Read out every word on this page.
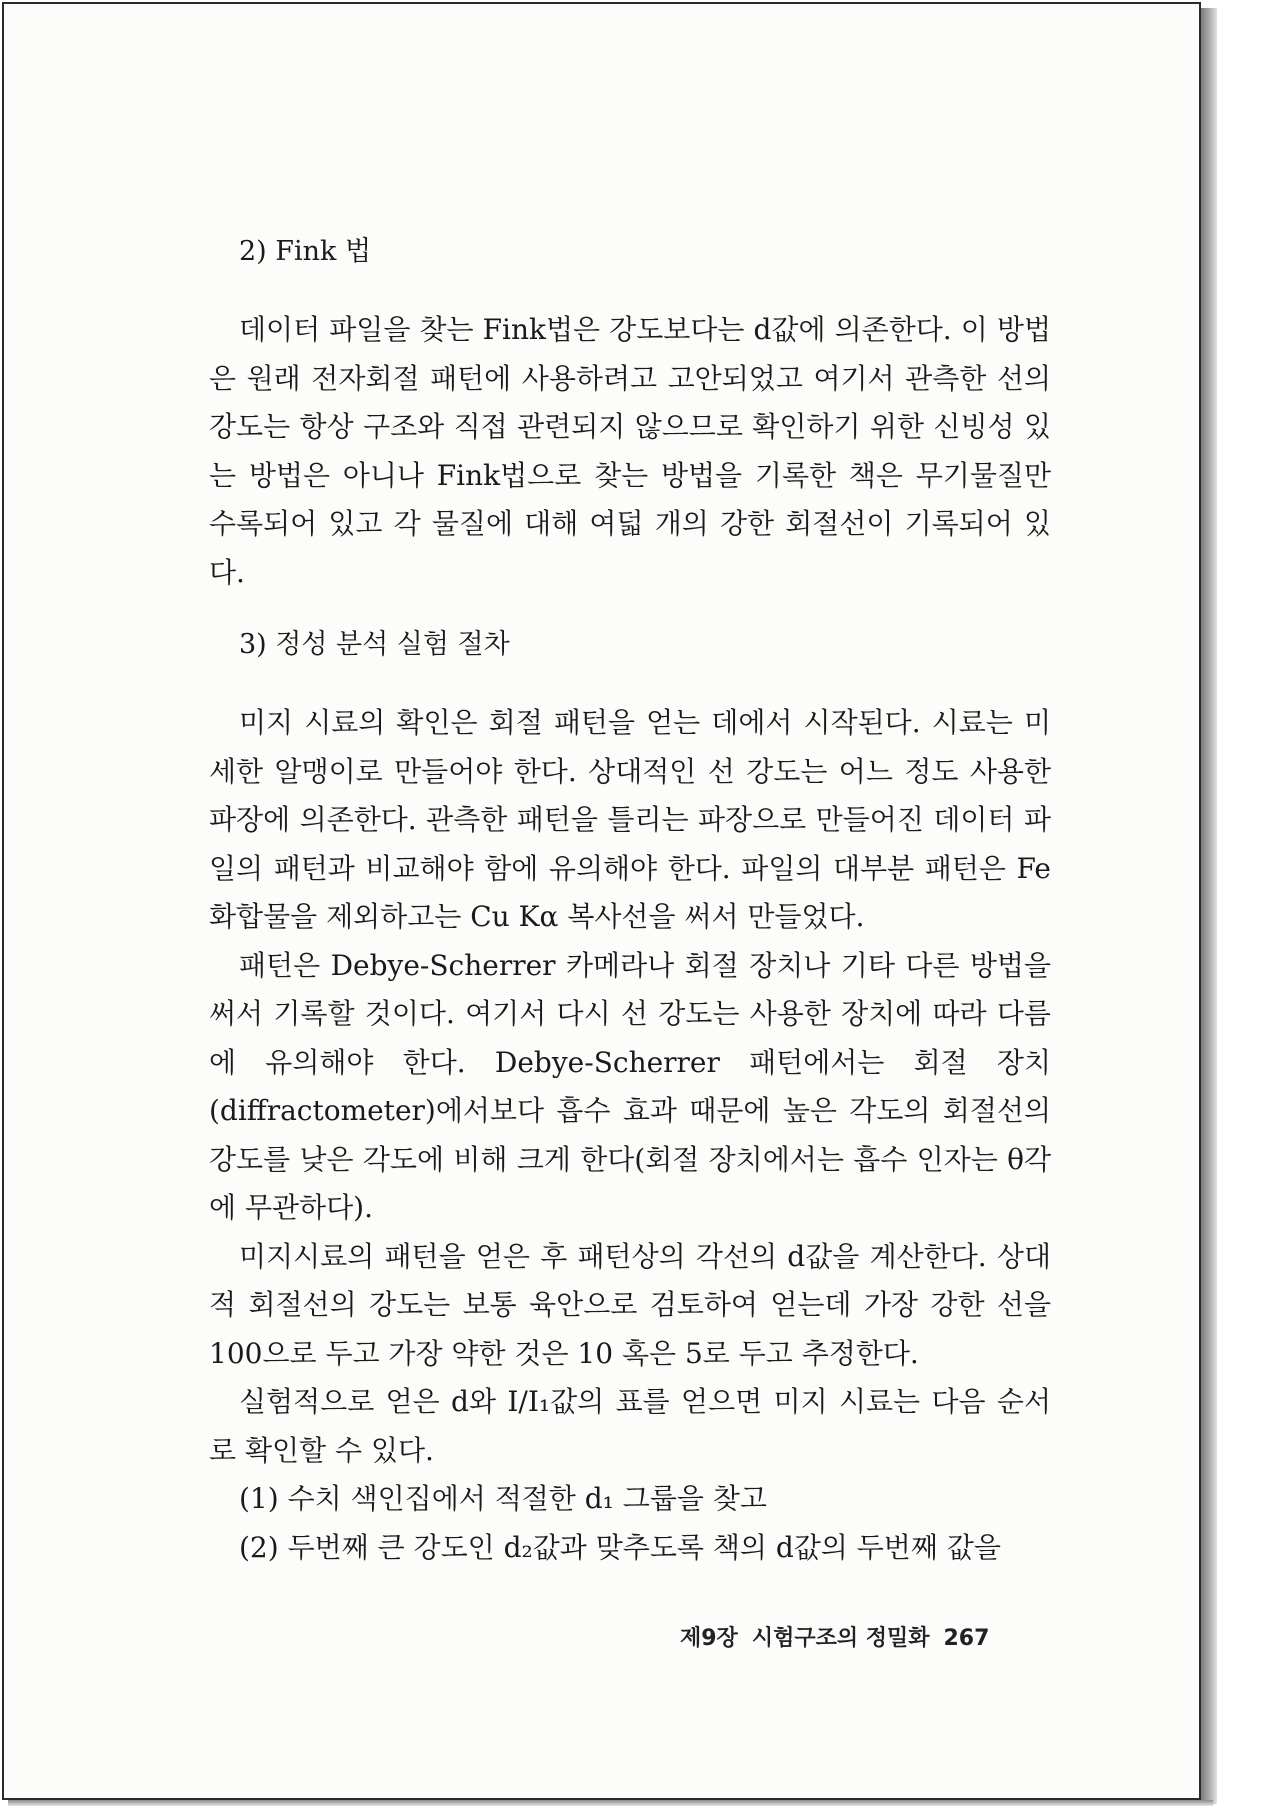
2) Fink 법

데이터 파일을 찾는 Fink법은 강도보다는 d값에 의존한다. 이 방법은 원래 전자회절 패턴에 사용하려고 고안되었고 여기서 관측한 선의 강도는 항상 구조와 직접 관련되지 않으므로 확인하기 위한 신빙성 있는 방법은 아니나 Fink법으로 찾는 방법을 기록한 책은 무기물질만 수록되어 있고 각 물질에 대해 여덟 개의 강한 회절선이 기록되어 있다.

3) 정성 분석 실험 절차

미지 시료의 확인은 회절 패턴을 얻는 데에서 시작된다. 시료는 미세한 알맹이로 만들어야 한다. 상대적인 선 강도는 어느 정도 사용한 파장에 의존한다. 관측한 패턴을 틀리는 파장으로 만들어진 데이터 파일의 패턴과 비교해야 함에 유의해야 한다. 파일의 대부분 패턴은 Fe화합물을 제외하고는 Cu Kα 복사선을 써서 만들었다.

패턴은 Debye-Scherrer 카메라나 회절 장치나 기타 다른 방법을 써서 기록할 것이다. 여기서 다시 선 강도는 사용한 장치에 따라 다름에 유의해야 한다. Debye-Scherrer 패턴에서는 회절 장치(diffractometer)에서보다 흡수 효과 때문에 높은 각도의 회절선의 강도를 낮은 각도에 비해 크게 한다(회절 장치에서는 흡수 인자는 θ각에 무관하다).

미지시료의 패턴을 얻은 후 패턴상의 각선의 d값을 계산한다. 상대적 회절선의 강도는 보통 육안으로 검토하여 얻는데 가장 강한 선을 100으로 두고 가장 약한 것은 10 혹은 5로 두고 추정한다.

실험적으로 얻은 d와 I/I₁값의 표를 얻으면 미지 시료는 다음 순서로 확인할 수 있다.

(1) 수치 색인집에서 적절한 d₁ 그룹을 찾고
(2) 두번째 큰 강도인 d₂값과 맞추도록 책의 d값의 두번째 값을
제9장 시험구조의 정밀화 267
